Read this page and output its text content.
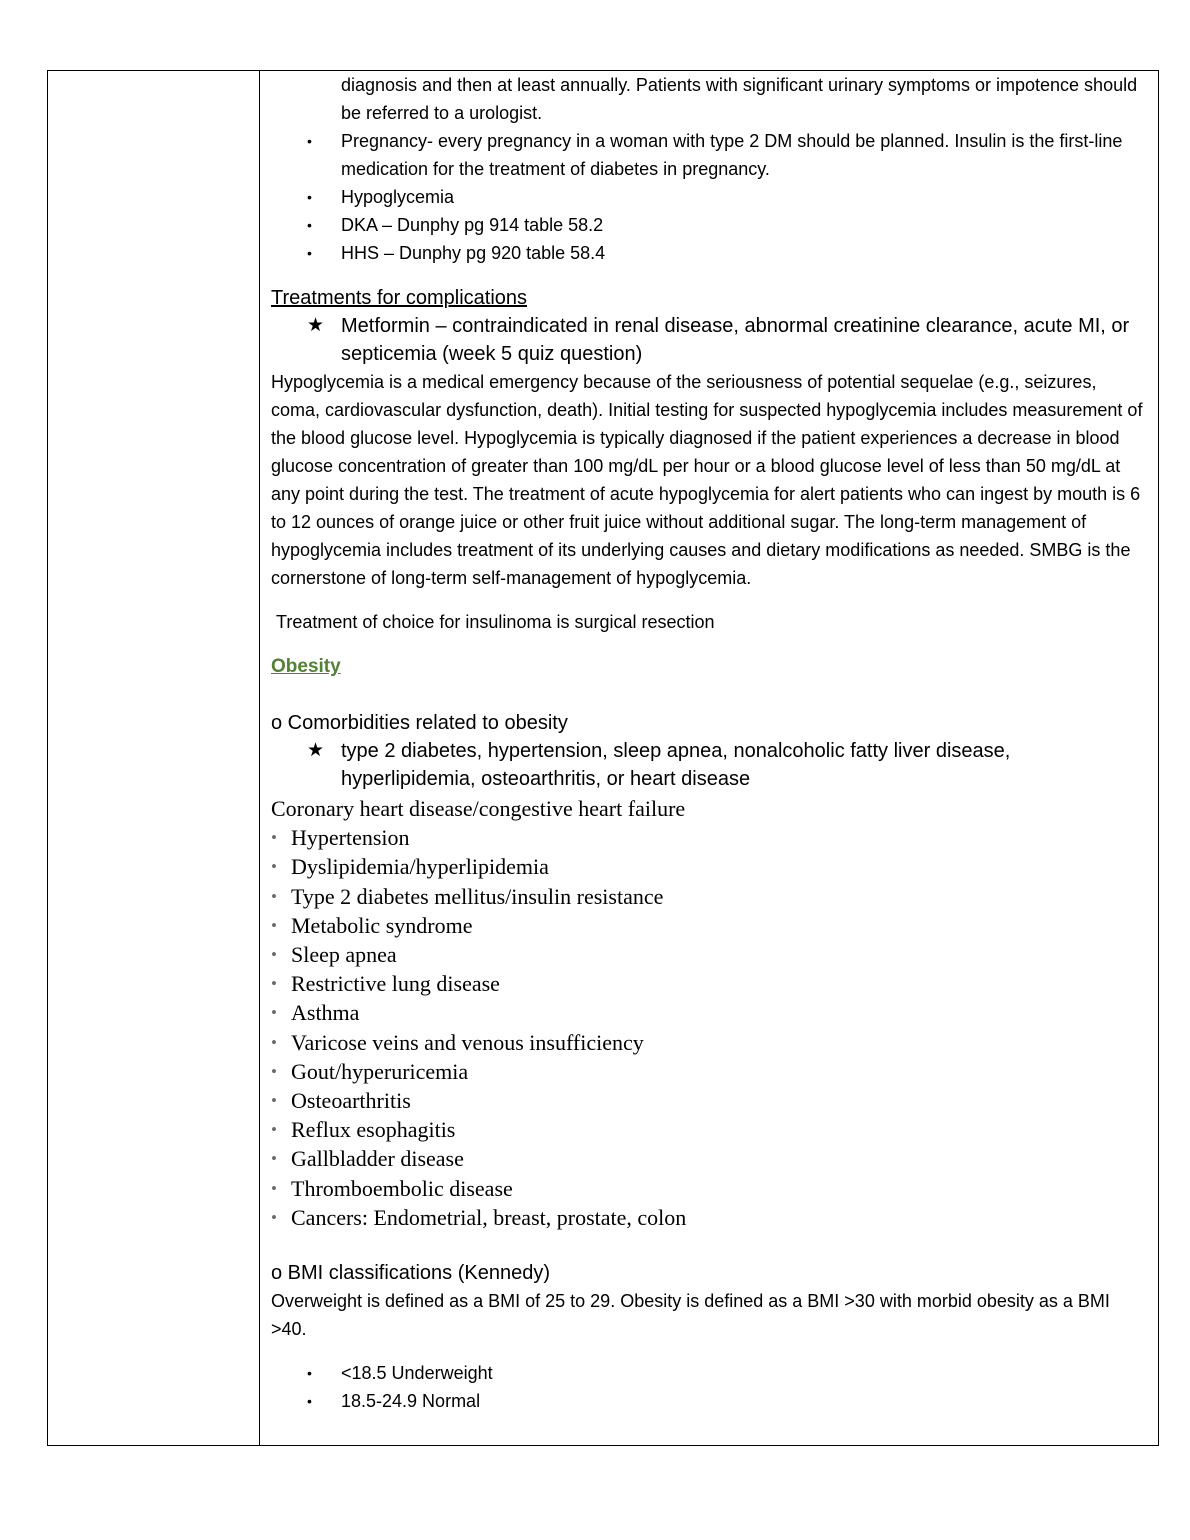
diagnosis and then at least annually. Patients with significant urinary symptoms or impotence should be referred to a urologist.
• Pregnancy- every pregnancy in a woman with type 2 DM should be planned. Insulin is the first-line medication for the treatment of diabetes in pregnancy.
• Hypoglycemia
• DKA – Dunphy pg 914 table 58.2
• HHS – Dunphy pg 920 table 58.4

Treatments for complications

★ Metformin – contraindicated in renal disease, abnormal creatinine clearance, acute MI, or septicemia (week 5 quiz question)

Hypoglycemia is a medical emergency because of the seriousness of potential sequelae (e.g., seizures, coma, cardiovascular dysfunction, death). Initial testing for suspected hypoglycemia includes measurement of the blood glucose level. Hypoglycemia is typically diagnosed if the patient experiences a decrease in blood glucose concentration of greater than 100 mg/dL per hour or a blood glucose level of less than 50 mg/dL at any point during the test. The treatment of acute hypoglycemia for alert patients who can ingest by mouth is 6 to 12 ounces of orange juice or other fruit juice without additional sugar. The long-term management of hypoglycemia includes treatment of its underlying causes and dietary modifications as needed. SMBG is the cornerstone of long-term self-management of hypoglycemia.

Treatment of choice for insulinoma is surgical resection

Obesity

o Comorbidities related to obesity

★ type 2 diabetes, hypertension, sleep apnea, nonalcoholic fatty liver disease, hyperlipidemia, osteoarthritis, or heart disease

Coronary heart disease/congestive heart failure

• Hypertension
• Dyslipidemia/hyperlipidemia
• Type 2 diabetes mellitus/insulin resistance
• Metabolic syndrome
• Sleep apnea
• Restrictive lung disease
• Asthma
• Varicose veins and venous insufficiency
• Gout/hyperuricemia
• Osteoarthritis
• Reflux esophagitis
• Gallbladder disease
• Thromboembolic disease
• Cancers: Endometrial, breast, prostate, colon

o BMI classifications (Kennedy)

Overweight is defined as a BMI of 25 to 29. Obesity is defined as a BMI >30 with morbid obesity as a BMI >40.

• <18.5 Underweight
• 18.5-24.9 Normal
